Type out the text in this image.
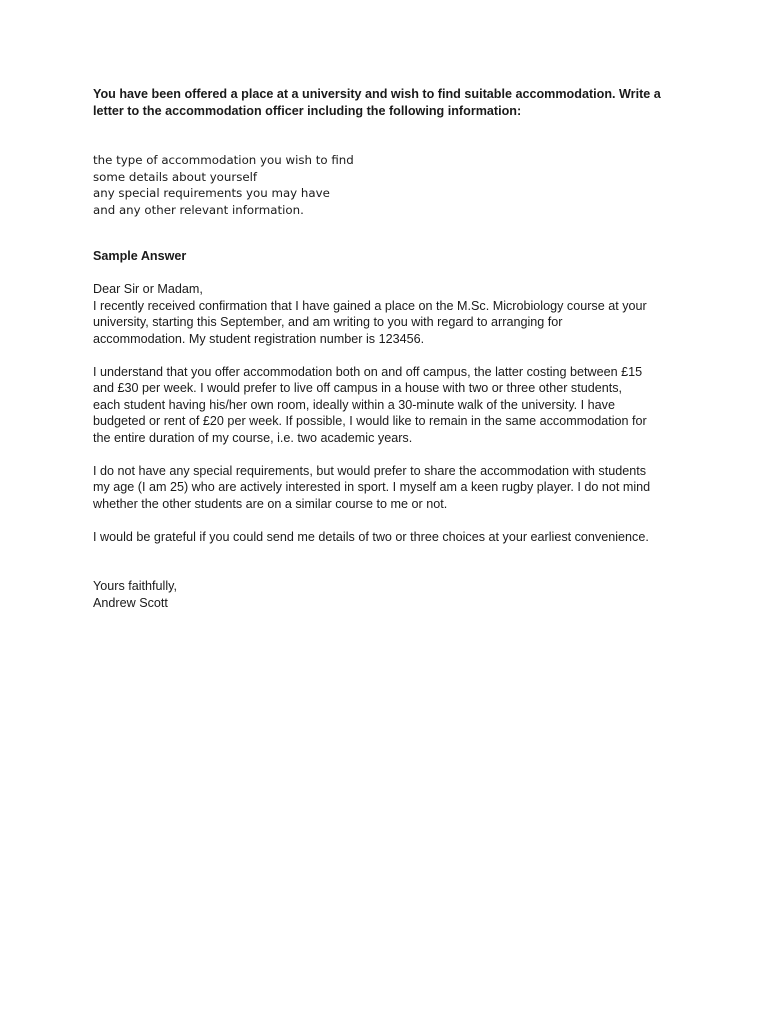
You have been offered a place at a university and wish to find suitable accommodation. Write a

letter to the accommodation officer including the following information:

the type of accommodation you wish to find

some details about yourself

any special requirements you may have

and any other relevant information.

Sample Answer

Dear Sir or Madam,

I recently received confirmation that I have gained a place on the M.Sc. Microbiology course at your

university, starting this September, and am writing to you with regard to arranging for

accommodation. My student registration number is 123456.

I understand that you offer accommodation both on and off campus, the latter costing between £15

and £30 per week. I would prefer to live off campus in a house with two or three other students,

each student having his/her own room, ideally within a 30-minute walk of the university. I have

budgeted or rent of £20 per week. If possible, I would like to remain in the same accommodation for

the entire duration of my course, i.e. two academic years.

I do not have any special requirements, but would prefer to share the accommodation with students

my age (I am 25) who are actively interested in sport. I myself am a keen rugby player. I do not mind

whether the other students are on a similar course to me or not.

I would be grateful if you could send me details of two or three choices at your earliest convenience.

Yours faithfully,

Andrew Scott
